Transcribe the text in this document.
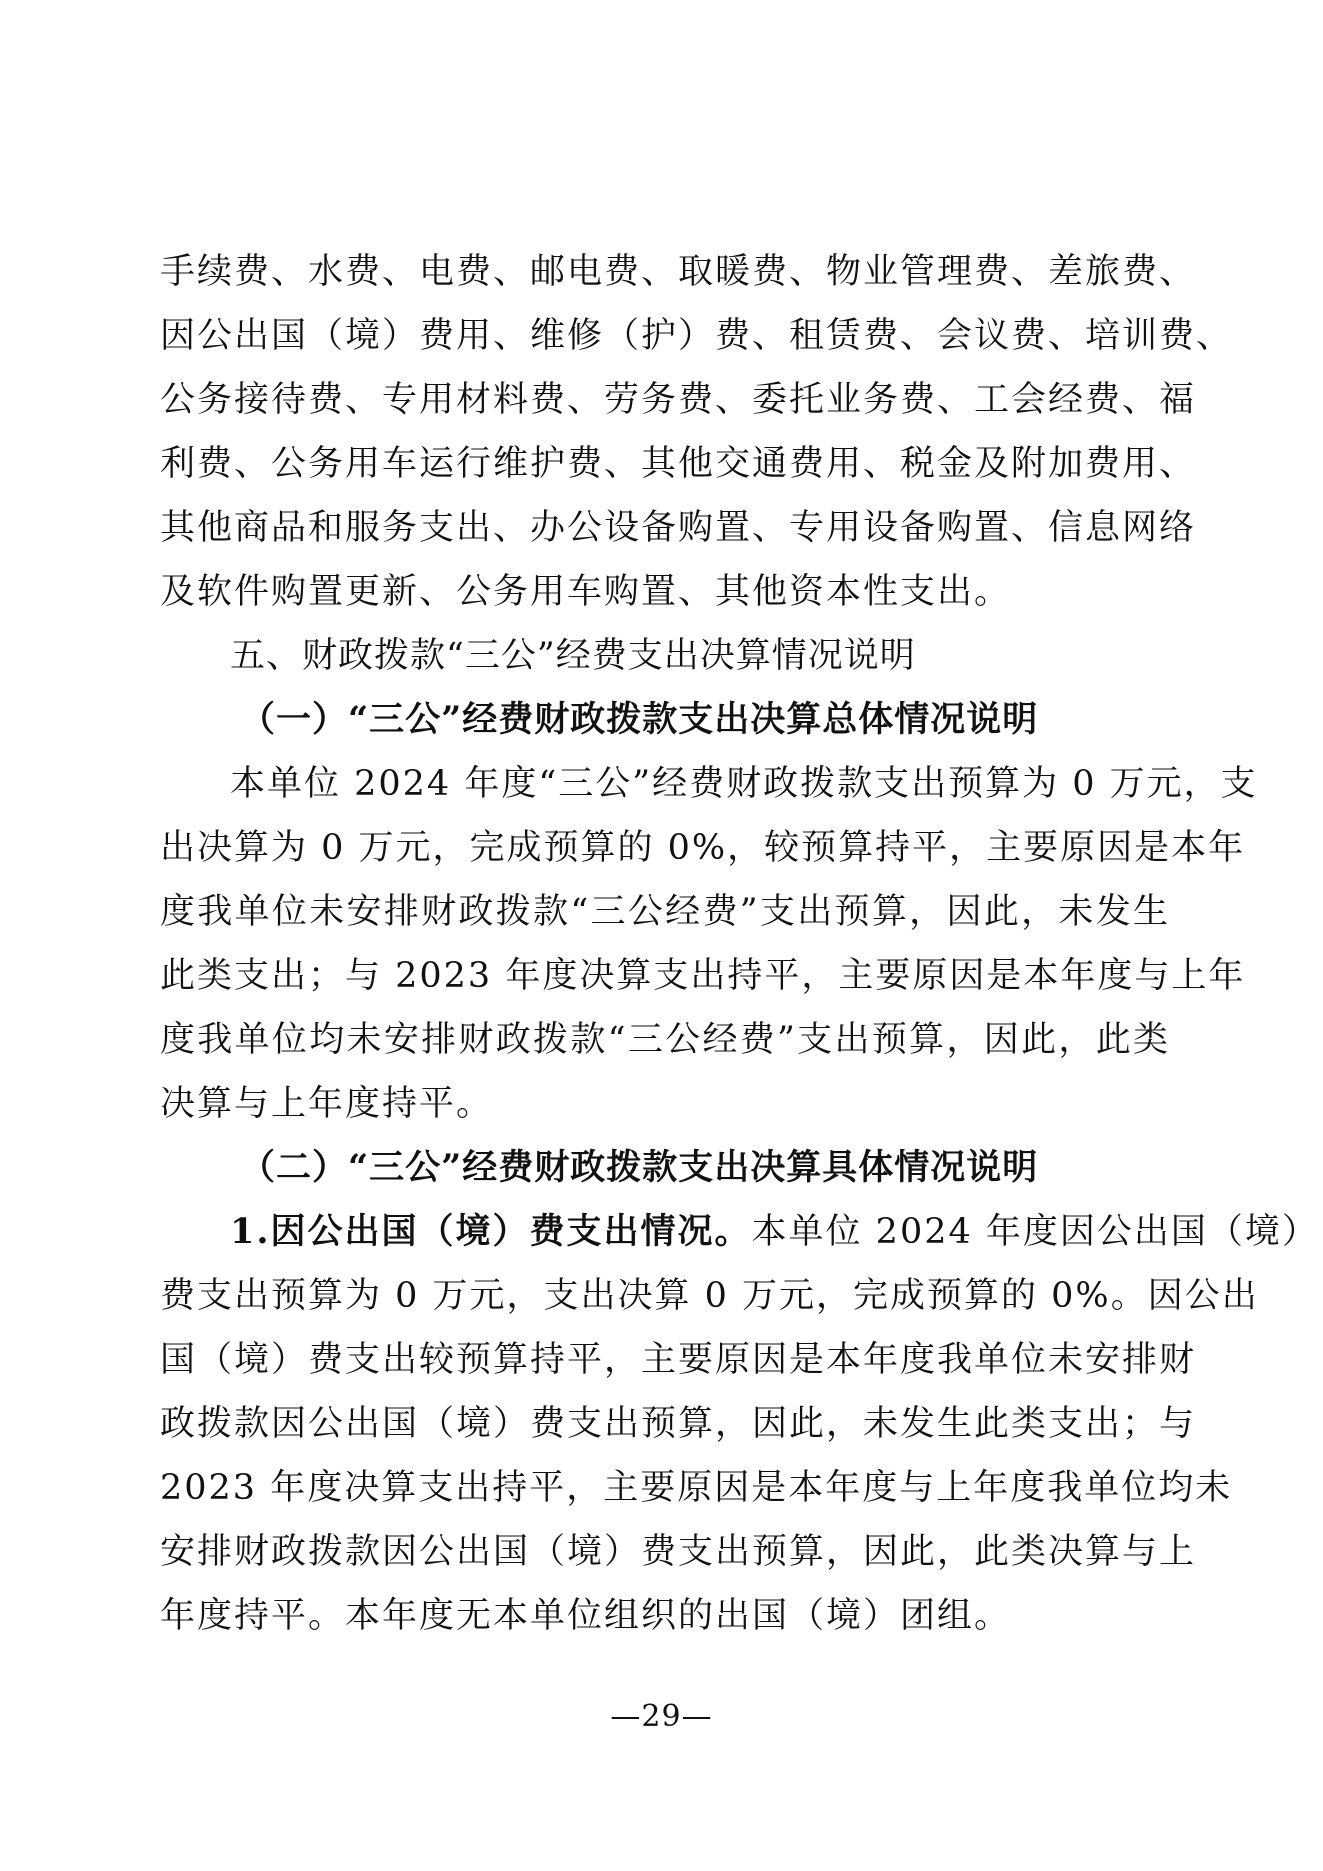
手续费、水费、电费、邮电费、取暖费、物业管理费、差旅费、
因公出国（境）费用、维修（护）费、租赁费、会议费、培训费、
公务接待费、专用材料费、劳务费、委托业务费、工会经费、福
利费、公务用车运行维护费、其他交通费用、税金及附加费用、
其他商品和服务支出、办公设备购置、专用设备购置、信息网络
及软件购置更新、公务用车购置、其他资本性支出。
五、财政拨款“三公”经费支出决算情况说明
（一）“三公”经费财政拨款支出决算总体情况说明
本单位 2024 年度“三公”经费财政拨款支出预算为 0 万元，支
出决算为 0 万元，完成预算的 0%，较预算持平，主要原因是本年
度我单位未安排财政拨款“三公经费”支出预算，因此，未发生
此类支出；与 2023 年度决算支出持平，主要原因是本年度与上年
度我单位均未安排财政拨款“三公经费”支出预算，因此，此类
决算与上年度持平。
（二）“三公”经费财政拨款支出决算具体情况说明
1.因公出国（境）费支出情况。本单位 2024 年度因公出国（境）
费支出预算为 0 万元，支出决算 0 万元，完成预算的 0%。因公出
国（境）费支出较预算持平，主要原因是本年度我单位未安排财
政拨款因公出国（境）费支出预算，因此，未发生此类支出；与
2023 年度决算支出持平，主要原因是本年度与上年度我单位均未
安排财政拨款因公出国（境）费支出预算，因此，此类决算与上
年度持平。本年度无本单位组织的出国（境）团组。
—29—
